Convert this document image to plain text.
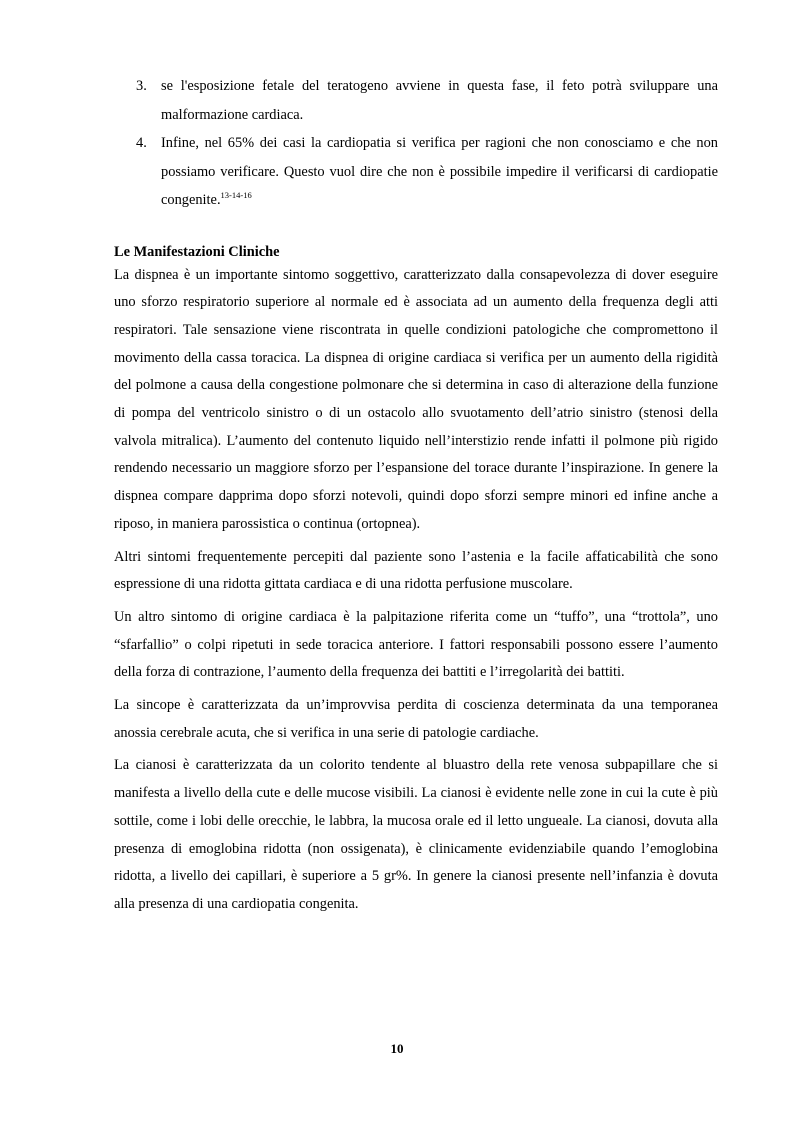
3. se l'esposizione fetale del teratogeno avviene in questa fase, il feto potrà sviluppare una malformazione cardiaca.
4. Infine, nel 65% dei casi la cardiopatia si verifica per ragioni che non conosciamo e che non possiamo verificare. Questo vuol dire che non è possibile impedire il verificarsi di cardiopatie congenite.$^{13-14-16}$
Le Manifestazioni Cliniche

La dispnea è un importante sintomo soggettivo, caratterizzato dalla consapevolezza di dover eseguire uno sforzo respiratorio superiore al normale ed è associata ad un aumento della frequenza degli atti respiratori. Tale sensazione viene riscontrata in quelle condizioni patologiche che compromettono il movimento della cassa toracica. La dispnea di origine cardiaca si verifica per un aumento della rigidità del polmone a causa della congestione polmonare che si determina in caso di alterazione della funzione di pompa del ventricolo sinistro o di un ostacolo allo svuotamento dell’atrio sinistro (stenosi della valvola mitralica). L’aumento del contenuto liquido nell’interstizio rende infatti il polmone più rigido rendendo necessario un maggiore sforzo per l’espansione del torace durante l’inspirazione. In genere la dispnea compare dapprima dopo sforzi notevoli, quindi dopo sforzi sempre minori ed infine anche a riposo, in maniera parossistica o continua (ortopnea).

Altri sintomi frequentemente percepiti dal paziente sono l’astenia e la facile affaticabilità che sono espressione di una ridotta gittata cardiaca e di una ridotta perfusione muscolare.

Un altro sintomo di origine cardiaca è la palpitazione riferita come un “tuffo”, una “trottola”, uno “sfarfallio” o colpi ripetuti in sede toracica anteriore. I fattori responsabili possono essere l’aumento della forza di contrazione, l’aumento della frequenza dei battiti e l’irregolarità dei battiti.

La sincope è caratterizzata da un’improvvisa perdita di coscienza determinata da una temporanea anossia cerebrale acuta, che si verifica in una serie di patologie cardiache.

La cianosi è caratterizzata da un colorito tendente al bluastro della rete venosa subpapillare che si manifesta a livello della cute e delle mucose visibili. La cianosi è evidente nelle zone in cui la cute è più sottile, come i lobi delle orecchie, le labbra, la mucosa orale ed il letto ungueale. La cianosi, dovuta alla presenza di emoglobina ridotta (non ossigenata), è clinicamente evidenziabile quando l’emoglobina ridotta, a livello dei capillari, è superiore a 5 gr%. In genere la cianosi presente nell’infanzia è dovuta alla presenza di una cardiopatia congenita.

10
